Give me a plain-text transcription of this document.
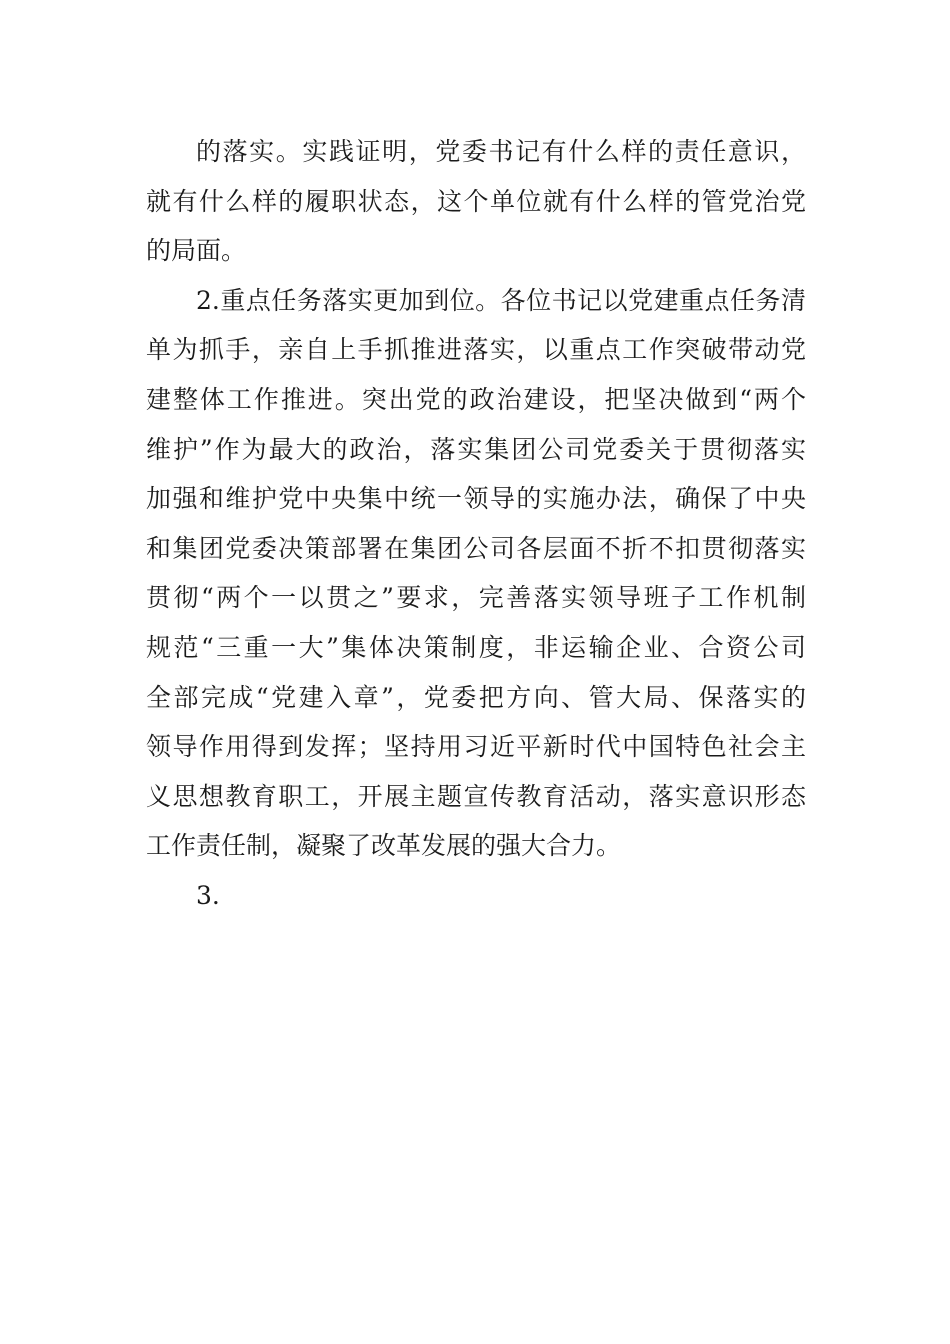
的落实。实践证明，党委书记有什么样的责任意识，
就有什么样的履职状态，这个单位就有什么样的管党治党
的局面。
2.重点任务落实更加到位。各位书记以党建重点任务清
单为抓手，亲自上手抓推进落实，以重点工作突破带动党
建整体工作推进。突出党的政治建设，把坚决做到“两个
维护”作为最大的政治，落实集团公司党委关于贯彻落实
加强和维护党中央集中统一领导的实施办法，确保了中央
和集团党委决策部署在集团公司各层面不折不扣贯彻落实
贯彻“两个一以贯之”要求，完善落实领导班子工作机制
规范“三重一大”集体决策制度，非运输企业、合资公司
全部完成“党建入章”，党委把方向、管大局、保落实的
领导作用得到发挥；坚持用习近平新时代中国特色社会主
义思想教育职工，开展主题宣传教育活动，落实意识形态
工作责任制，凝聚了改革发展的强大合力。
3.
